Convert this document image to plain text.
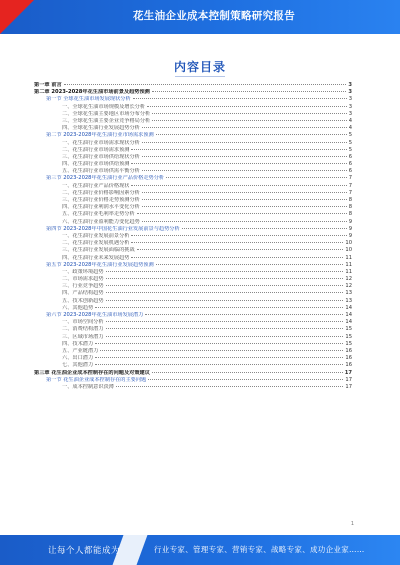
花生油企业成本控制策略研究报告
内容目录
第一章 前言	3
第二章 2023-2028年花生油市场前景及趋势预测	3
第一节 全球花生油市场发展现状分析	3
一、全球花生油市场规模及增长分析	3
二、全球花生油主要地区市场分布分析	3
三、全球花生油主要企业竞争格局分析	4
四、全球花生油行业发展趋势分析	4
第二节 2023-2028年花生油行业市场需求预测	5
一、花生油行业市场需求现状分析	5
二、花生油行业市场需求预测	5
三、花生油行业市场供给现状分析	6
四、花生油行业市场供给预测	6
五、花生油行业市场供需平衡分析	6
第三节 2023-2028年花生油行业产品价格走势分析	7
一、花生油行业产品价格现状	7
二、花生油行业价格影响因素分析	7
三、花生油行业价格走势预测分析	8
四、花生油行业利润水平变化分析	8
五、花生油行业毛利率走势分析	8
六、花生油行业盈利能力变化趋势	9
第四节 2023-2028年中国花生油行业发展前景与趋势分析	9
一、花生油行业发展前景分析	9
二、花生油行业发展机遇分析	10
三、花生油行业发展面临的挑战	10
四、花生油行业未来发展趋势	11
第五节 2023-2028年花生油行业发展趋势预测	11
一、政策环境趋势	11
二、市场需求趋势	12
三、行业竞争趋势	12
四、产品结构趋势	13
五、技术创新趋势	13
六、其他趋势	14
第六节 2023-2028年花生油市场发展潜力	14
一、市场空间分析	14
二、消费结构潜力	15
三、区域市场潜力	15
四、技术潜力	15
五、产业链潜力	16
六、出口潜力	16
七、其他潜力	16
第三章 花生油企业成本控制存在的问题及对策建议	17
第一节 花生油企业成本控制存在的主要问题	17
一、成本控制意识淡薄	17
1
让每个人都能成为	行业专家、管理专家、营销专家、战略专家、成功企业家……
